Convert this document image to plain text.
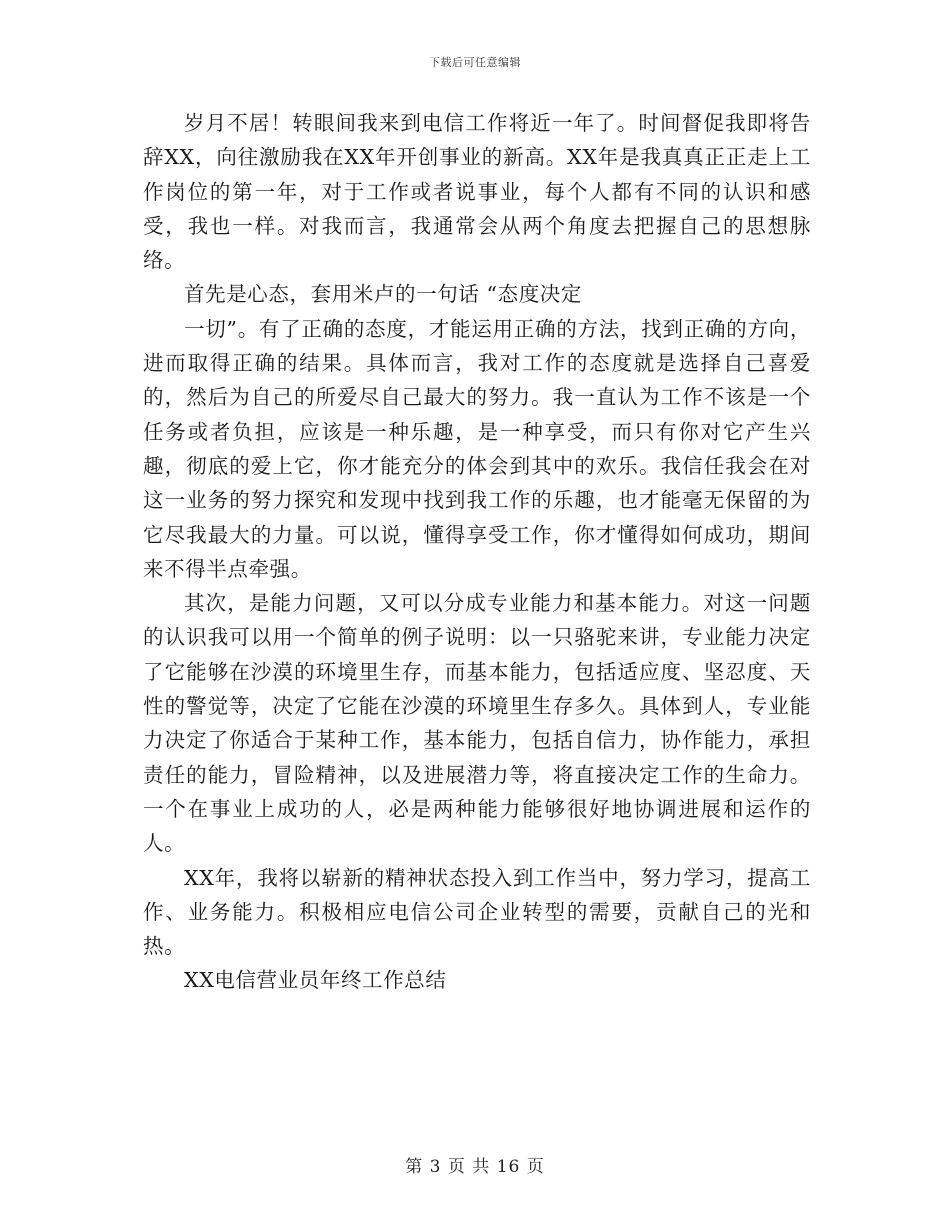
下载后可任意编辑

岁月不居！转眼间我来到电信工作将近一年了。时间督促我即将告辞XX，向往激励我在XX年开创事业的新高。XX年是我真真正正走上工作岗位的第一年，对于工作或者说事业，每个人都有不同的认识和感受，我也一样。对我而言，我通常会从两个角度去把握自己的思想脉络。

首先是心态，套用米卢的一句话 “态度决定

一切”。有了正确的态度，才能运用正确的方法，找到正确的方向，进而取得正确的结果。具体而言，我对工作的态度就是选择自己喜爱的，然后为自己的所爱尽自己最大的努力。我一直认为工作不该是一个任务或者负担，应该是一种乐趣，是一种享受，而只有你对它产生兴趣，彻底的爱上它，你才能充分的体会到其中的欢乐。我信任我会在对这一业务的努力探究和发现中找到我工作的乐趣，也才能毫无保留的为它尽我最大的力量。可以说，懂得享受工作，你才懂得如何成功，期间来不得半点牵强。

其次，是能力问题，又可以分成专业能力和基本能力。对这一问题的认识我可以用一个简单的例子说明：以一只骆驼来讲，专业能力决定了它能够在沙漠的环境里生存，而基本能力，包括适应度、坚忍度、天性的警觉等，决定了它能在沙漠的环境里生存多久。具体到人，专业能力决定了你适合于某种工作，基本能力，包括自信力，协作能力，承担责任的能力，冒险精神，以及进展潜力等，将直接决定工作的生命力。一个在事业上成功的人，必是两种能力能够很好地协调进展和运作的人。

XX年，我将以崭新的精神状态投入到工作当中，努力学习，提高工作、业务能力。积极相应电信公司企业转型的需要，贡献自己的光和热。

XX电信营业员年终工作总结

第 3 页 共 16 页
